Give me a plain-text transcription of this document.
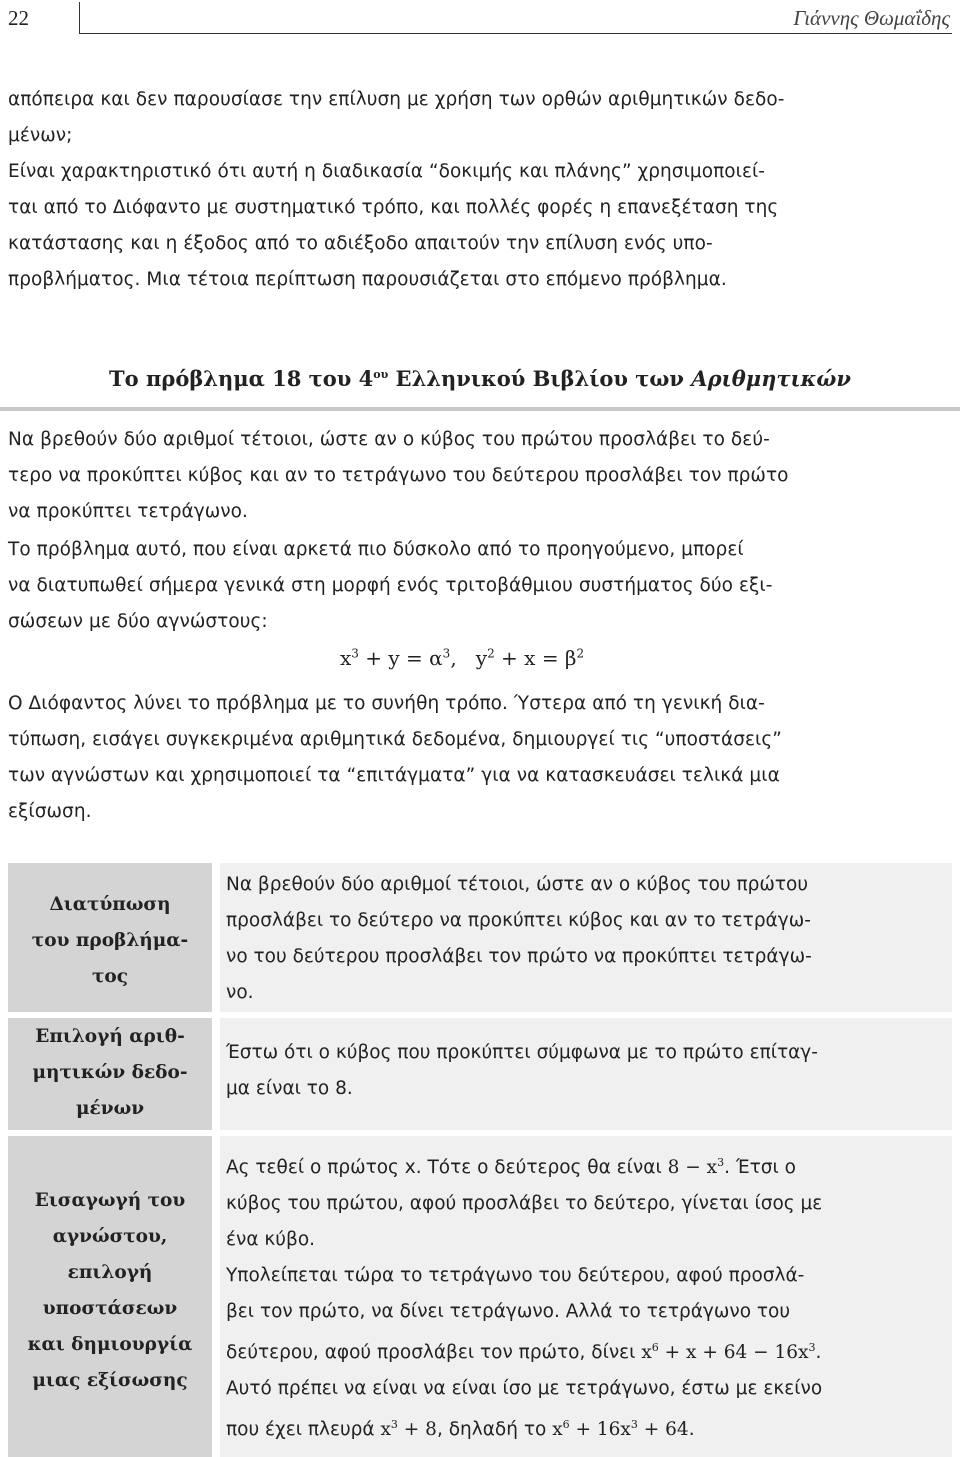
22	Γιάννης Θωμαΐδης
απόπειρα και δεν παρουσίασε την επίλυση με χρήση των ορθών αριθμητικών δεδο-
μένων;
Είναι χαρακτηριστικό ότι αυτή η διαδικασία “δοκιμής και πλάνης” χρησιμοποιεί-
ται από το Διόφαντο με συστηματικό τρόπο, και πολλές φορές η επανεξέταση της
κατάστασης και η έξοδος από το αδιέξοδο απαιτούν την επίλυση ενός υπο-
προβλήματος. Μια τέτοια περίπτωση παρουσιάζεται στο επόμενο πρόβλημα.
Το πρόβλημα 18 του $4^{o\upsilon}$ Ελληνικού Βιβλίου των Αριθμητικών
Να βρεθούν δύο αριθμοί τέτοιοι, ώστε αν ο κύβος του πρώτου προσλάβει το δεύ-
τερο να προκύπτει κύβος και αν το τετράγωνο του δεύτερου προσλάβει τον πρώτο
να προκύπτει τετράγωνο.
Το πρόβλημα αυτό, που είναι αρκετά πιο δύσκολο από το προηγούμενο, μπορεί
να διατυπωθεί σήμερα γενικά στη μορφή ενός τριτοβάθμιου συστήματος δύο εξι-
σώσεων με δύο αγνώστους:
$x^3 + y = \alpha^3$, $y^2 + x = \beta^2$
Ο Διόφαντος λύνει το πρόβλημα με το συνήθη τρόπο. Ύστερα από τη γενική δια-
τύπωση, εισάγει συγκεκριμένα αριθμητικά δεδομένα, δημιουργεί τις “υποστάσεις”
των αγνώστων και χρησιμοποιεί τα “επιτάγματα” για να κατασκευάσει τελικά μια
εξίσωση.
Διατύπωση
του προβλήμα-
τος
Να βρεθούν δύο αριθμοί τέτοιοι, ώστε αν ο κύβος του πρώτου
προσλάβει το δεύτερο να προκύπτει κύβος και αν το τετράγω-
νο του δεύτερου προσλάβει τον πρώτο να προκύπτει τετράγω-
νο.
Επιλογή αριθ-
μητικών δεδο-
μένων
Έστω ότι ο κύβος που προκύπτει σύμφωνα με το πρώτο επίταγ-
μα είναι το 8.
Εισαγωγή του
αγνώστου,
επιλογή
υποστάσεων
και δημιουργία
μιας εξίσωσης
Ας τεθεί ο πρώτος x. Τότε ο δεύτερος θα είναι $8 - x^3$. Έτσι ο
κύβος του πρώτου, αφού προσλάβει το δεύτερο, γίνεται ίσος με
ένα κύβο.
Υπολείπεται τώρα το τετράγωνο του δεύτερου, αφού προσλά-
βει τον πρώτο, να δίνει τετράγωνο. Αλλά το τετράγωνο του
δεύτερου, αφού προσλάβει τον πρώτο, δίνει $x^6 + x + 64 - 16x^3$.
Αυτό πρέπει να είναι να είναι ίσο με τετράγωνο, έστω με εκείνο
που έχει πλευρά $x^3 + 8$, δηλαδή το $x^6 + 16x^3 + 64$.
